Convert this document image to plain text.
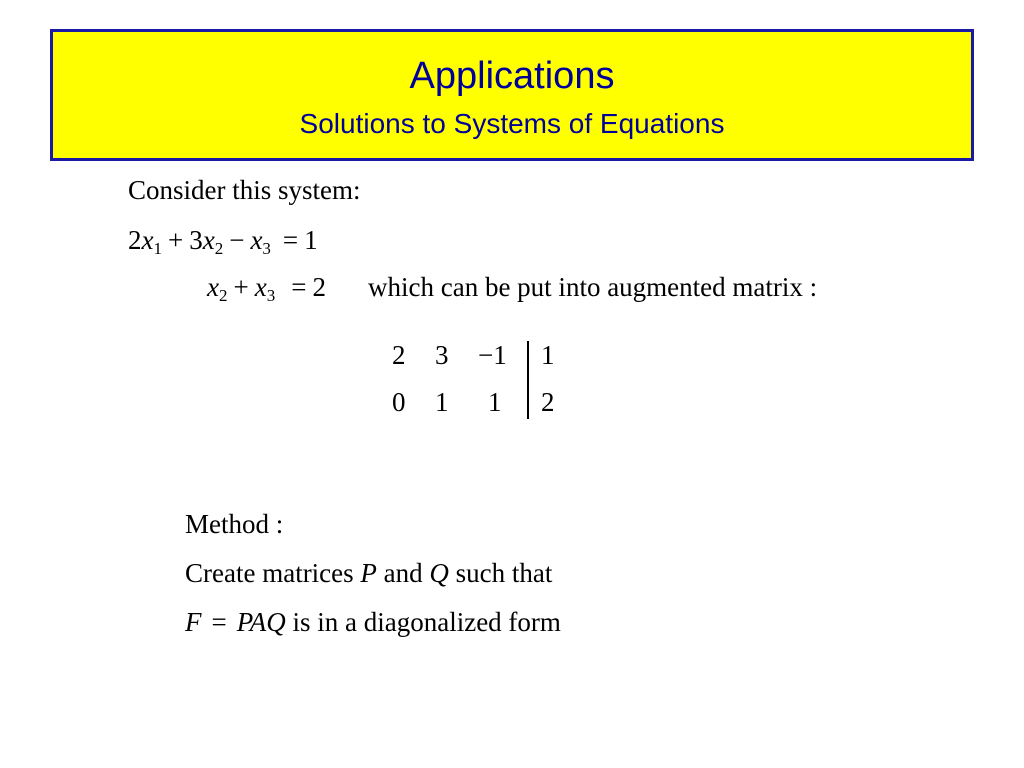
Applications
Solutions to Systems of Equations
Consider this system:
$2x_1 + 3x_2 - x_3 = 1$
$x_2 + x_3 = 2$ which can be put into augmented matrix :
2 3 −1 1
0 1 1 2
Method :
Create matrices P and Q such that
F = PAQ is in a diagonalized form
